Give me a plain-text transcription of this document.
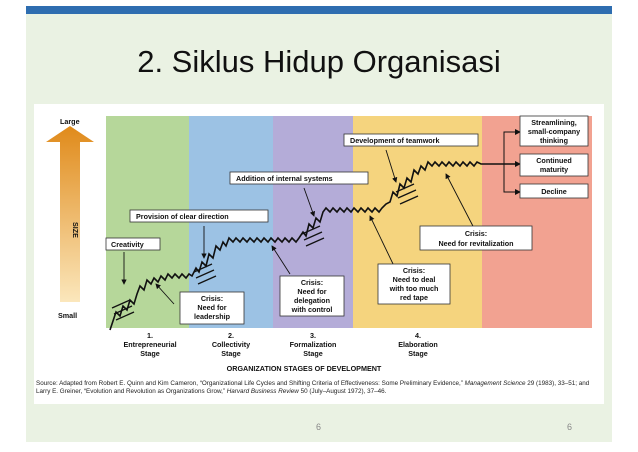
2. Siklus Hidup Organisasi
Large
SIZE
Small
Creativity
Provision of clear direction
Addition of internal systems
Development of teamwork
Crisis:
Need for
leadership
Crisis:
Need for
delegation
with control
Crisis:
Need to deal
with too much
red tape
Crisis:
Need for revitalization
Streamlining,
small-company
thinking
Continued
maturity
Decline
1.
Entrepreneurial
Stage
2.
Collectivity
Stage
3.
Formalization
Stage
4.
Elaboration
Stage
ORGANIZATION STAGES OF DEVELOPMENT
Source: Adapted from Robert E. Quinn and Kim Cameron, “Organizational Life Cycles and Shifting Criteria of Effectiveness: Some Preliminary Evidence,” Management Science 29 (1983), 33–51; and Larry E. Greiner, “Evolution and Revolution as Organizations Grow,” Harvard Business Review 50 (July–August 1972), 37–46.
6	6
